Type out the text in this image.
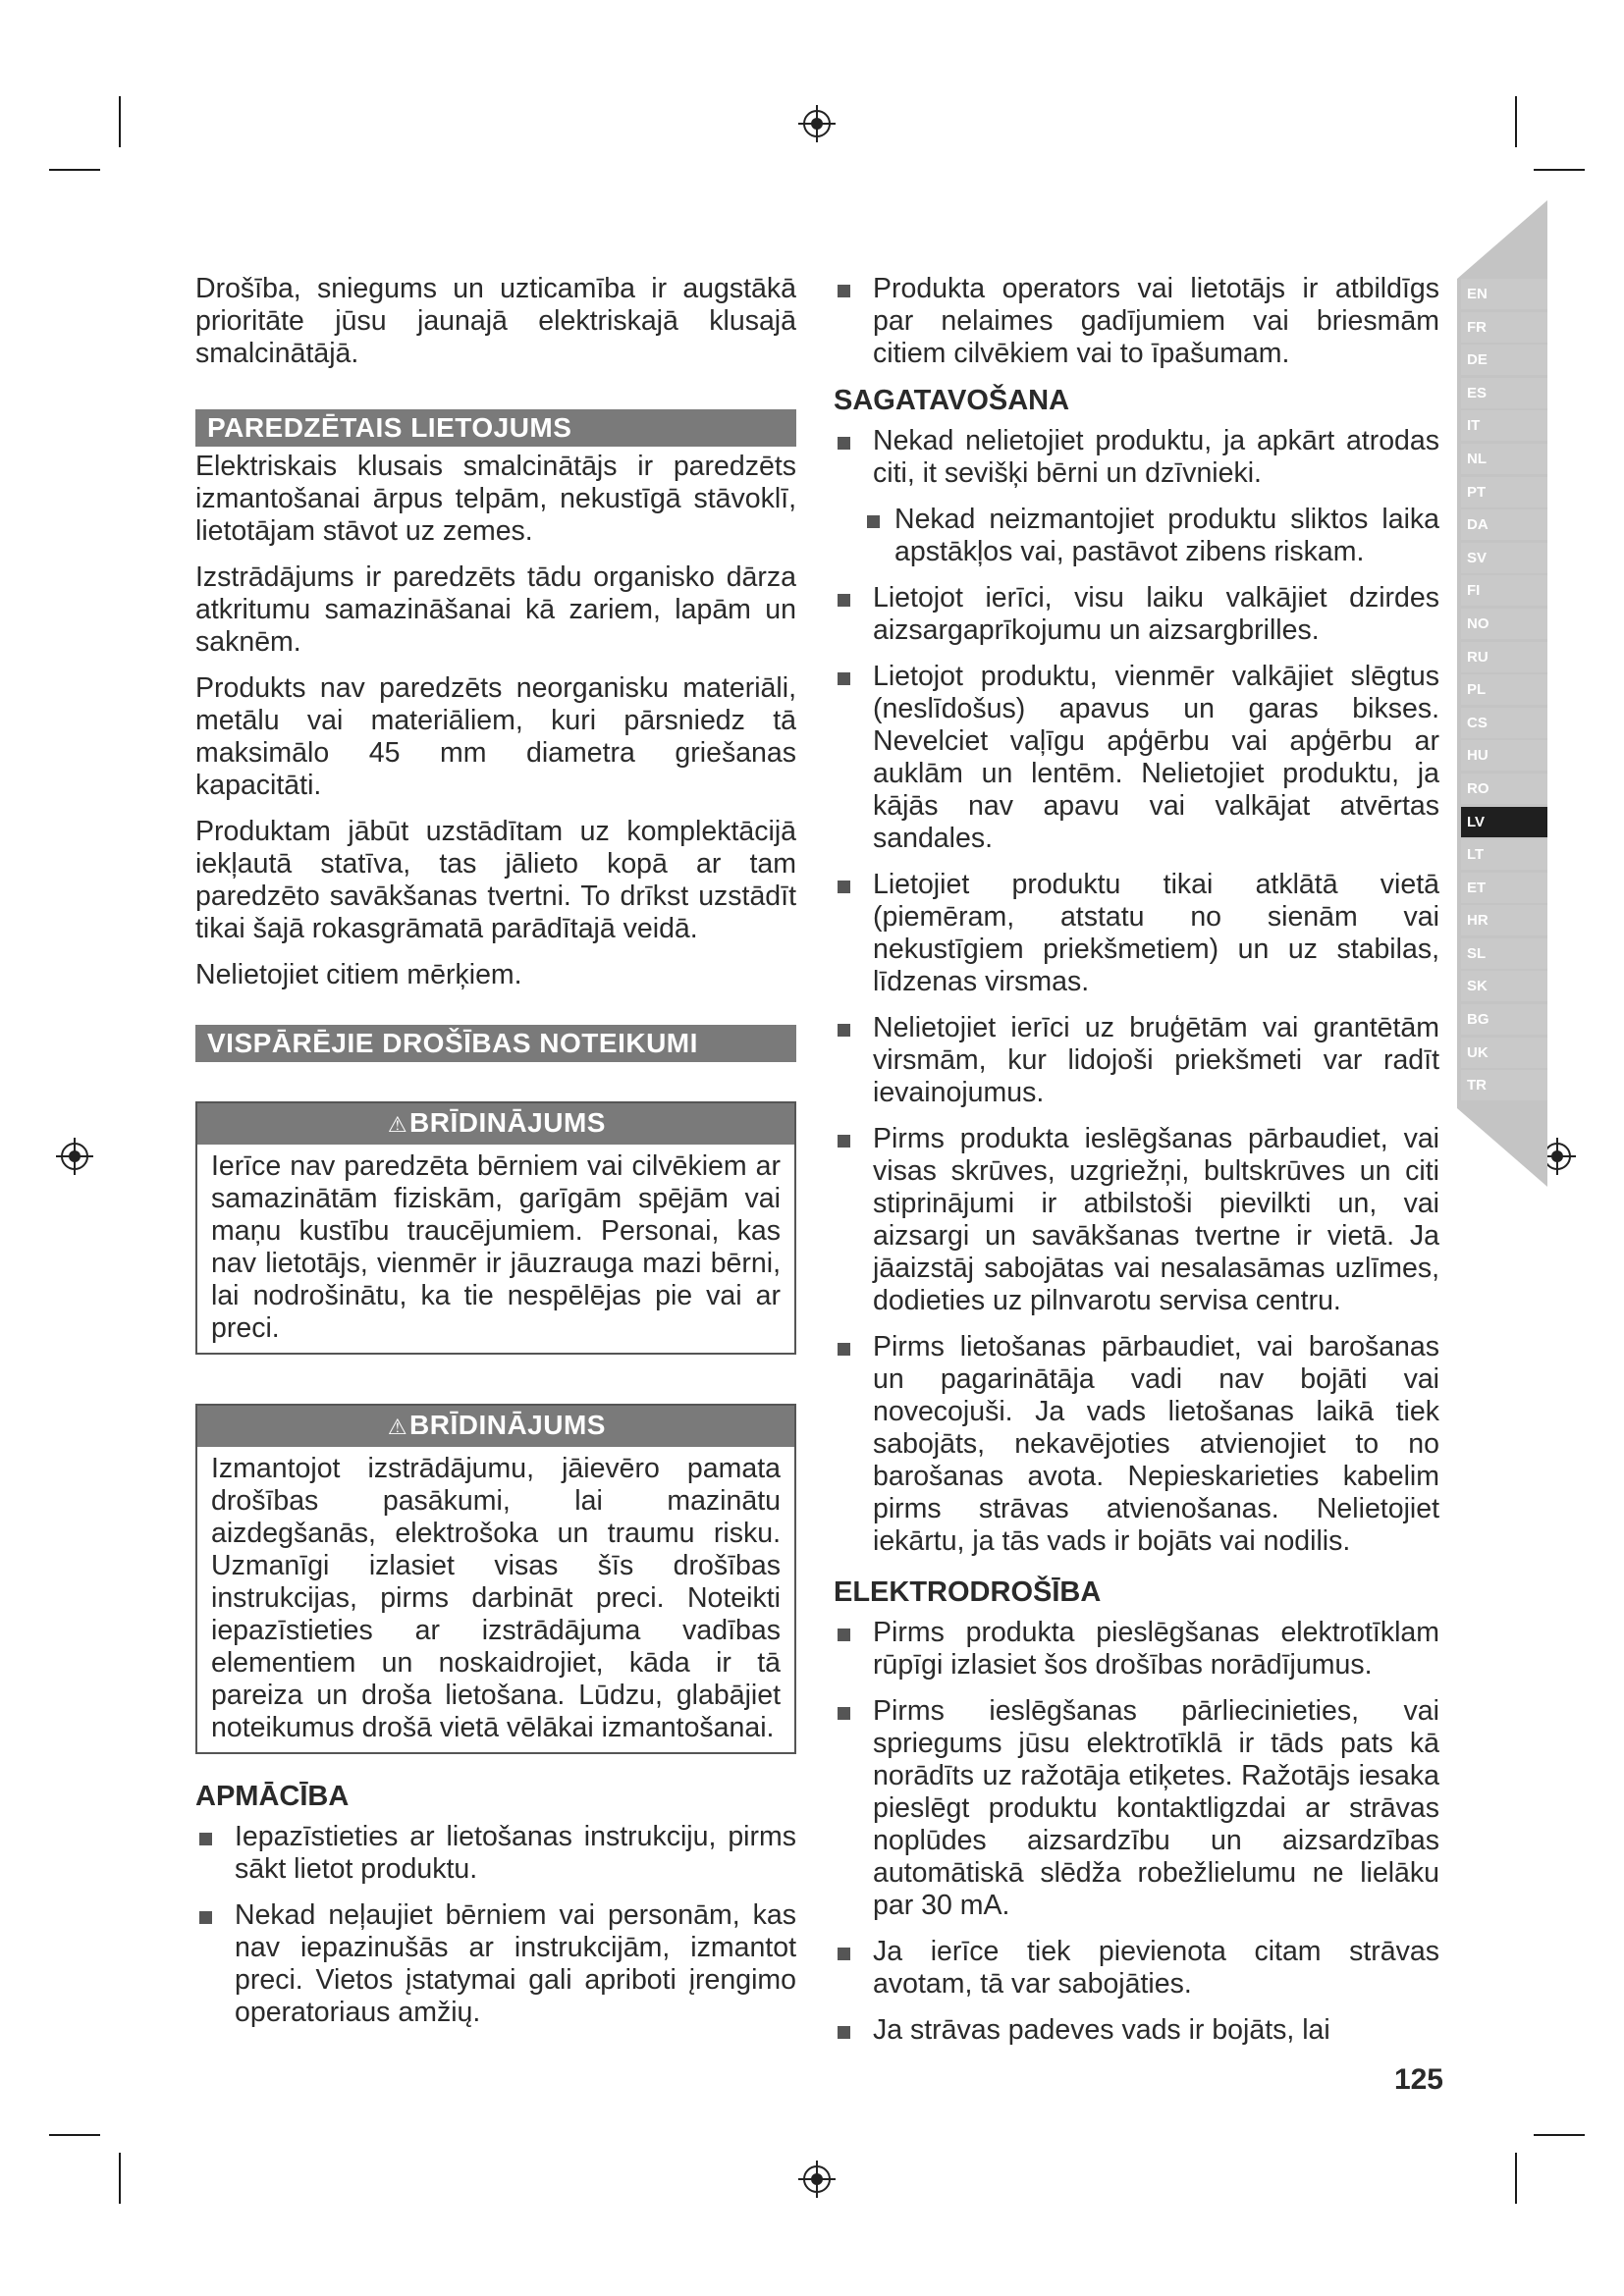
EN
FR
DE
ES
IT
NL
PT
DA
SV
FI
NO
RU
PL
CS
HU
RO
LV
LT
ET
HR
SL
SK
BG
UK
TR

Drošība, sniegums un uzticamība ir augstākā prioritāte jūsu jaunajā elektriskajā klusajā smalcinātājā.

PAREDZĒTAIS LIETOJUMS

Elektriskais klusais smalcinātājs ir paredzēts izmantošanai ārpus telpām, nekustīgā stāvoklī, lietotājam stāvot uz zemes.

Izstrādājums ir paredzēts tādu organisko dārza atkritumu samazināšanai kā zariem, lapām un saknēm.

Produkts nav paredzēts neorganisku materiāli, metālu vai materiāliem, kuri pārsniedz tā maksimālo 45 mm diametra griešanas kapacitāti.

Produktam jābūt uzstādītam uz komplektācijā iekļautā statīva, tas jālieto kopā ar tam paredzēto savākšanas tvertni. To drīkst uzstādīt tikai šajā rokasgrāmatā parādītajā veidā.

Nelietojiet citiem mērķiem.

VISPĀRĒJIE DROŠĪBAS NOTEIKUMI
⚠BRĪDINĀJUMS
Ierīce nav paredzēta bērniem vai cilvēkiem ar samazinātām fiziskām, garīgām spējām vai maņu kustību traucējumiem. Personai, kas nav lietotājs, vienmēr ir jāuzrauga mazi bērni, lai nodrošinātu, ka tie nespēlējas pie vai ar preci.
⚠BRĪDINĀJUMS
Izmantojot izstrādājumu, jāievēro pamata drošības pasākumi, lai mazinātu aizdegšanās, elektrošoka un traumu risku. Uzmanīgi izlasiet visas šīs drošības instrukcijas, pirms darbināt preci. Noteikti iepazīstieties ar izstrādājuma vadības elementiem un noskaidrojiet, kāda ir tā pareiza un droša lietošana. Lūdzu, glabājiet noteikumus drošā vietā vēlākai izmantošanai.
APMĀCĪBA
Iepazīstieties ar lietošanas instrukciju, pirms sākt lietot produktu.
Nekad neļaujiet bērniem vai personām, kas nav iepazinušās ar instrukcijām, izmantot preci. Vietos įstatymai gali apriboti įrengimo operatoriaus amžių.
Produkta operators vai lietotājs ir atbildīgs par nelaimes gadījumiem vai briesmām citiem cilvēkiem vai to īpašumam.
SAGATAVOŠANA
Nekad nelietojiet produktu, ja apkārt atrodas citi, it sevišķi bērni un dzīvnieki.
Nekad neizmantojiet produktu sliktos laika apstākļos vai, pastāvot zibens riskam.
Lietojot ierīci, visu laiku valkājiet dzirdes aizsargaprīkojumu un aizsargbrilles.
Lietojot produktu, vienmēr valkājiet slēgtus (neslīdošus) apavus un garas bikses. Nevelciet vaļīgu apģērbu vai apģērbu ar auklām un lentēm. Nelietojiet produktu, ja kājās nav apavu vai valkājat atvērtas sandales.
Lietojiet produktu tikai atklātā vietā (piemēram, atstatu no sienām vai nekustīgiem priekšmetiem) un uz stabilas, līdzenas virsmas.
Nelietojiet ierīci uz bruģētām vai grantētām virsmām, kur lidojoši priekšmeti var radīt ievainojumus.
Pirms produkta ieslēgšanas pārbaudiet, vai visas skrūves, uzgriežņi, bultskrūves un citi stiprinājumi ir atbilstoši pievilkti un, vai aizsargi un savākšanas tvertne ir vietā. Ja jāaizstāj sabojātas vai nesalasāmas uzlīmes, dodieties uz pilnvarotu servisa centru.
Pirms lietošanas pārbaudiet, vai barošanas un pagarinātāja vadi nav bojāti vai novecojuši. Ja vads lietošanas laikā tiek sabojāts, nekavējoties atvienojiet to no barošanas avota. Nepieskarieties kabelim pirms strāvas atvienošanas. Nelietojiet iekārtu, ja tās vads ir bojāts vai nodilis.
ELEKTRODROŠĪBA
Pirms produkta pieslēgšanas elektrotīklam rūpīgi izlasiet šos drošības norādījumus.
Pirms ieslēgšanas pārliecinieties, vai spriegums jūsu elektrotīklā ir tāds pats kā norādīts uz ražotāja etiķetes. Ražotājs iesaka pieslēgt produktu kontaktligzdai ar strāvas noplūdes aizsardzību un aizsardzības automātiskā slēdža robežlielumu ne lielāku par 30 mA.
Ja ierīce tiek pievienota citam strāvas avotam, tā var sabojāties.
Ja strāvas padeves vads ir bojāts, lai
125
